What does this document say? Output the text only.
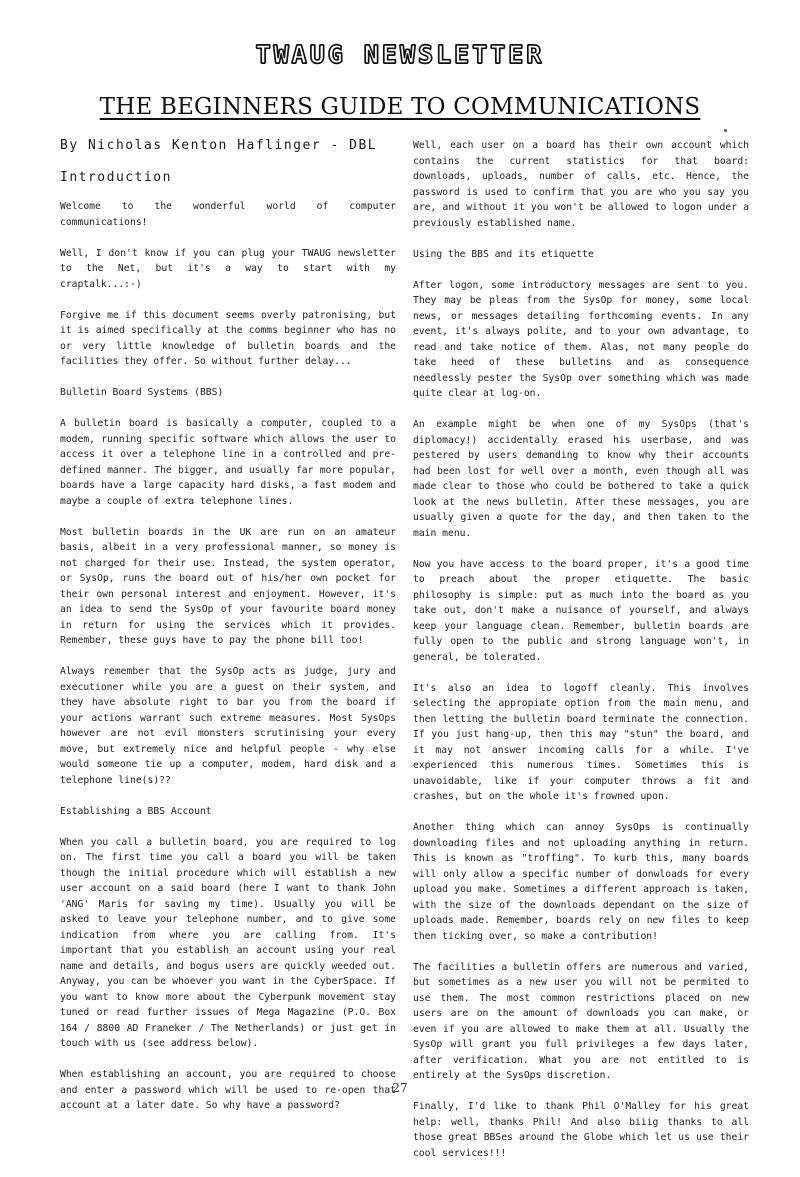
TWAUG NEWSLETTER
THE BEGINNERS GUIDE TO COMMUNICATIONS
By Nicholas Kenton Haflinger - DBL
Introduction

Welcome to the wonderful world of computer communications!

Well, I don't know if you can plug your TWAUG newsletter to the Net, but it's a way to start with my craptalk...:-)

Forgive me if this document seems overly patronising, but it is aimed specifically at the comms beginner who has no or very little knowledge of bulletin boards and the facilities they offer. So without further delay...

Bulletin Board Systems (BBS)

A bulletin board is basically a computer, coupled to a modem, running specific software which allows the user to access it over a telephone line in a controlled and pre-defined manner. The bigger, and usually far more popular, boards have a large capacity hard disks, a fast modem and maybe a couple of extra telephone lines.

Most bulletin boards in the UK are run on an amateur basis, albeit in a very professional manner, so money is not charged for their use. Instead, the system operator, or SysOp, runs the board out of his/her own pocket for their own personal interest and enjoyment. However, it's an idea to send the SysOp of your favourite board money in return for using the services which it provides. Remember, these guys have to pay the phone bill too!

Always remember that the SysOp acts as judge, jury and executioner while you are a guest on their system, and they have absolute right to bar you from the board if your actions warrant such extreme measures. Most SysOps however are not evil monsters scrutinising your every move, but extremely nice and helpful people - why else would someone tie up a computer, modem, hard disk and a telephone line(s)??

Establishing a BBS Account

When you call a bulletin board, you are required to log on. The first time you call a board you will be taken though the initial procedure which will establish a new user account on a said board (here I want to thank John 'ANG' Maris for saving my time). Usually you will be asked to leave your telephone number, and to give some indication from where you are calling from. It's important that you establish an account using your real name and details, and bogus users are quickly weeded out. Anyway, you can be whoever you want in the CyberSpace. If you want to know more about the Cyberpunk movement stay tuned or read further issues of Mega Magazine (P.O. Box 164 / 8800 AD Franeker / The Netherlands) or just get in touch with us (see address below).

When establishing an account, you are required to choose and enter a password which will be used to re-open that account at a later date. So why have a password?

Well, each user on a board has their own account which contains the current statistics for that board: downloads, uploads, number of calls, etc. Hence, the password is used to confirm that you are who you say you are, and without it you won't be allowed to logon under a previously established name.

Using the BBS and its etiquette

After logon, some introductory messages are sent to you. They may be pleas from the SysOp for money, some local news, or messages detailing forthcoming events. In any event, it's always polite, and to your own advantage, to read and take notice of them. Alas, not many people do take heed of these bulletins and as consequence needlessly pester the SysOp over something which was made quite clear at log-on.

An example might be when one of my SysOps (that's diplomacy!) accidentally erased his userbase, and was pestered by users demanding to know why their accounts had been lost for well over a month, even though all was made clear to those who could be bothered to take a quick look at the news bulletin. After these messages, you are usually given a quote for the day, and then taken to the main menu.

Now you have access to the board proper, it's a good time to preach about the proper etiquette. The basic philosophy is simple: put as much into the board as you take out, don't make a nuisance of yourself, and always keep your language clean. Remember, bulletin boards are fully open to the public and strong language won't, in general, be tolerated.

It's also an idea to logoff cleanly. This involves selecting the appropiate option from the main menu, and then letting the bulletin board terminate the connection. If you just hang-up, then this may "stun" the board, and it may not answer incoming calls for a while. I've experienced this numerous times. Sometimes this is unavoidable, like if your computer throws a fit and crashes, but on the whole it's frowned upon.

Another thing which can annoy SysOps is continually downloading files and not uploading anything in return. This is known as "troffing". To kurb this, many boards will only allow a specific number of donwloads for every upload you make. Sometimes a different approach is taken, with the size of the downloads dependant on the size of uploads made. Remember, boards rely on new files to keep then ticking over, so make a contribution!

The facilities a bulletin offers are numerous and varied, but sometimes as a new user you will not be permited to use them. The most common restrictions placed on new users are on the amount of downloads you can make, or even if you are allowed to make them at all. Usually the SysOp will grant you full privileges a few days later, after verification. What you are not entitled to is entirely at the SysOps discretion.

Finally, I'd like to thank Phil O'Malley for his great help: well, thanks Phil! And also biiig thanks to all those great BBSes around the Globe which let us use their cool services!!!

27
